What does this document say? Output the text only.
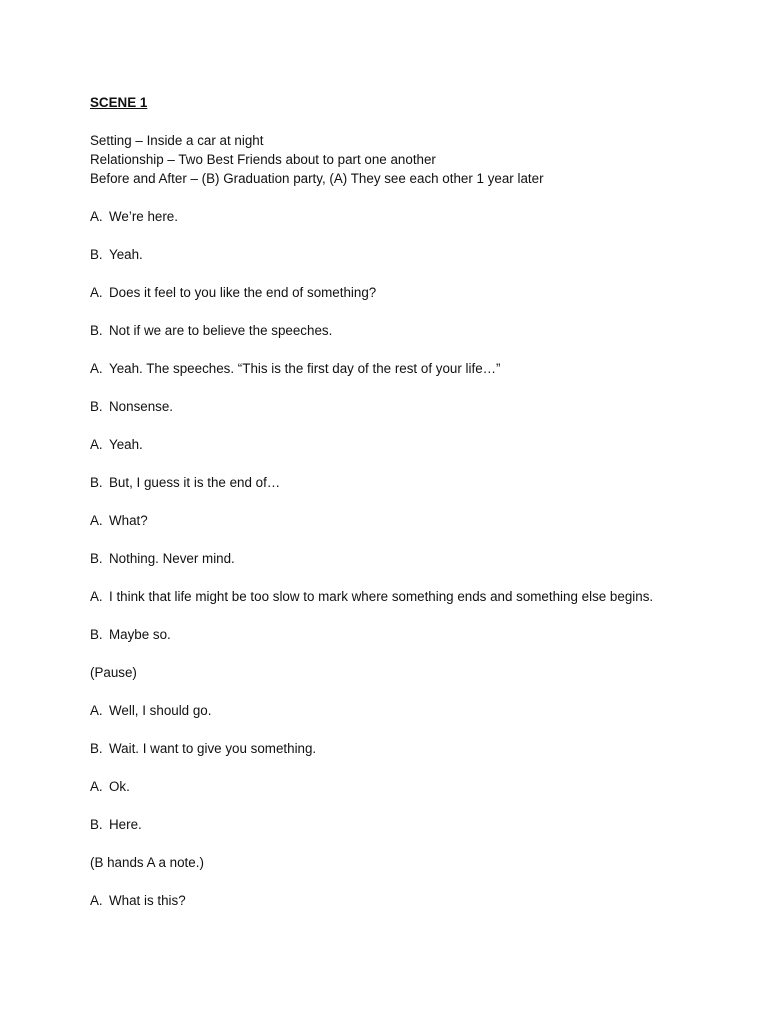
SCENE 1
Setting – Inside a car at night
Relationship – Two Best Friends about to part one another
Before and After – (B) Graduation party, (A) They see each other 1 year later
A. We’re here.
B. Yeah.
A. Does it feel to you like the end of something?
B. Not if we are to believe the speeches.
A. Yeah. The speeches. “This is the first day of the rest of your life…”
B. Nonsense.
A. Yeah.
B. But, I guess it is the end of…
A. What?
B. Nothing. Never mind.
A. I think that life might be too slow to mark where something ends and something else begins.
B. Maybe so.
(Pause)
A. Well, I should go.
B. Wait. I want to give you something.
A. Ok.
B. Here.
(B hands A a note.)
A. What is this?
